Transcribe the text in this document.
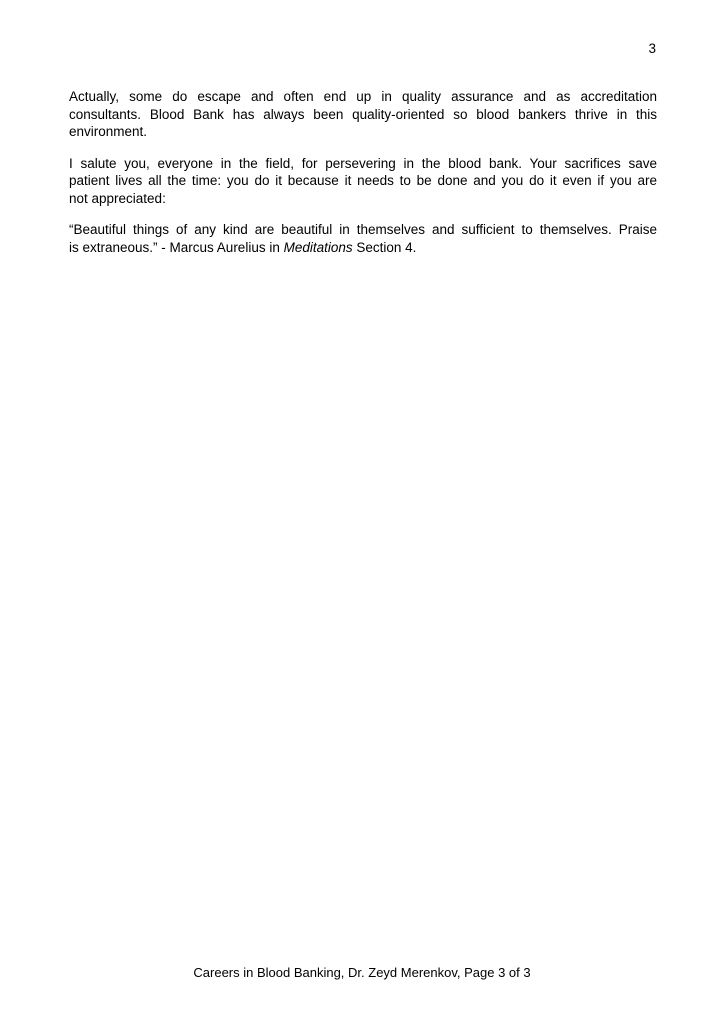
3
Actually, some do escape and often end up in quality assurance and as accreditation
consultants. Blood Bank has always been quality-oriented so blood bankers thrive in this
environment.
I salute you, everyone in the field, for persevering in the blood bank. Your sacrifices save
patient lives all the time: you do it because it needs to be done and you do it even if you are
not appreciated:
“Beautiful things of any kind are beautiful in themselves and sufficient to themselves. Praise
is extraneous.” - Marcus Aurelius in Meditations Section 4.
Careers in Blood Banking, Dr. Zeyd Merenkov, Page 3 of 3
